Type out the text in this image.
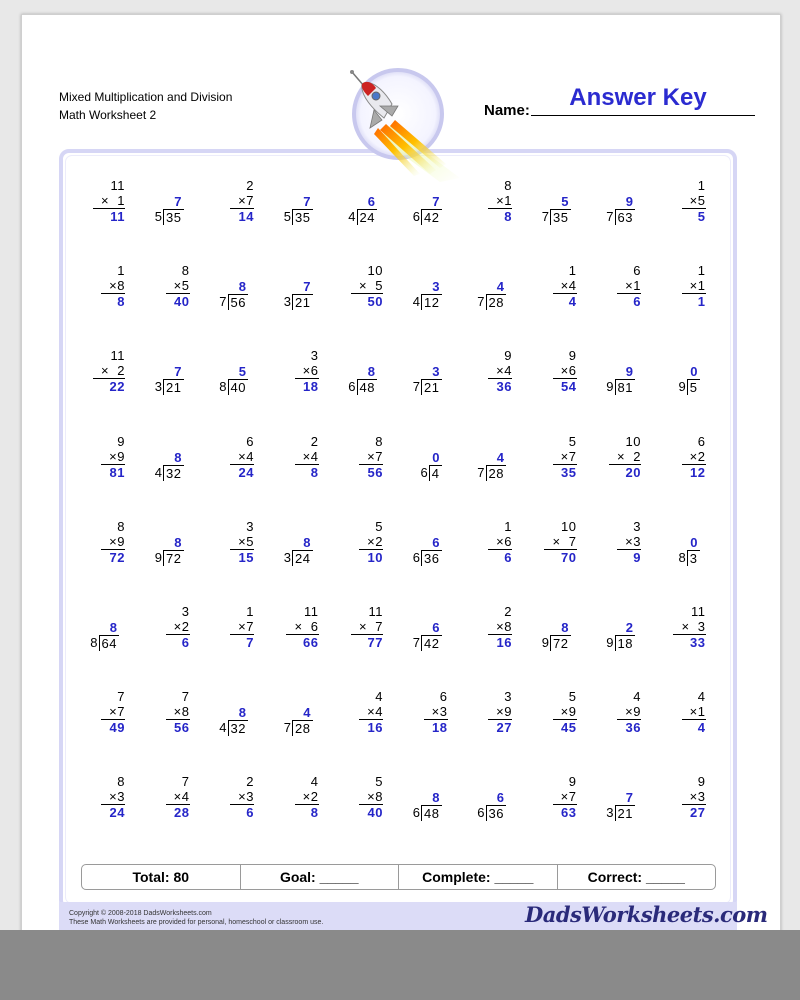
Mixed Multiplication and Division
Math Worksheet 2	Name:	Answer Key
11
×  1
11
7
5 35
2
×7
14
7
5 35
6
4 24
7
6 42
8
×1
8
5
7 35
9
7 63
1
×5
5
1
×8
8
8
×5
40
8
7 56
7
3 21
10
×  5
50
3
4 12
4
7 28
1
×4
4
6
×1
6
1
×1
1
11
×  2
22
7
3 21
5
8 40
3
×6
18
8
6 48
3
7 21
9
×4
36
9
×6
54
9
9 81
0
9 5
9
×9
81
8
4 32
6
×4
24
2
×4
8
8
×7
56
0
6 4
4
7 28
5
×7
35
10
×  2
20
6
×2
12
8
×9
72
8
9 72
3
×5
15
8
3 24
5
×2
10
6
6 36
1
×6
6
10
×  7
70
3
×3
9
0
8 3
8
8 64
3
×2
6
1
×7
7
11
×  6
66
11
×  7
77
6
7 42
2
×8
16
8
9 72
2
9 18
11
×  3
33
7
×7
49
7
×8
56
8
4 32
4
7 28
4
×4
16
6
×3
18
3
×9
27
5
×9
45
4
×9
36
4
×1
4
8
×3
24
7
×4
28
2
×3
6
4
×2
8
5
×8
40
8
6 48
6
6 36
9
×7
63
7
3 21
9
×3
27
Total: 80	Goal: _____	Complete: _____	Correct: _____
Copyright © 2008-2018 DadsWorksheets.com
These Math Worksheets are provided for personal, homeschool or classroom use.	DadsWorksheets.com
